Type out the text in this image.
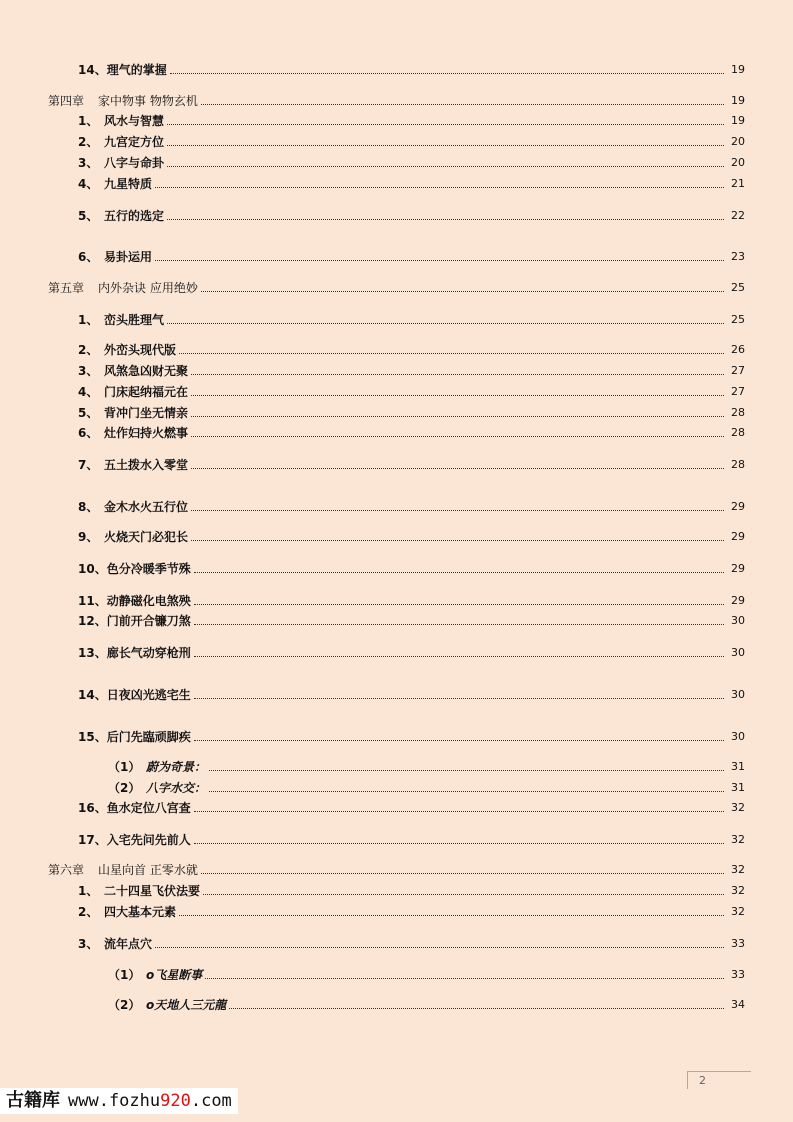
14、 理气的掌握	19
第四章	家中物事 物物玄机	19
1、 风水与智慧	19
2、 九宫定方位	20
3、 八字与命卦	20
4、 九星特质	21
5、 五行的选定	22
6、 易卦运用	23
第五章	内外杂诀 应用绝妙	25
1、 峦头胜理气	25
2、 外峦头现代版	26
3、 风煞急凶财无聚	27
4、 门床起纳福元在	27
5、 背冲门坐无情亲	28
6、 灶作妇持火燃事	28
7、 五土拨水入零堂	28
8、 金木水火五行位	29
9、 火烧天门必犯长	29
10、 色分冷暖季节殊	29
11、 动静磁化电煞殃	29
12、 门前开合镰刀煞	30
13、 廊长气动穿枪刑	30
14、 日夜凶光逃宅生	30
15、 后门先臨顽脚疾	30
（1） 蔚为奇景：	31
（2） 八字水交：	31
16、 鱼水定位八宫查	32
17、 入宅先问先前人	32
第六章	山星向首 正零水就	32
1、 二十四星飞伏法要	32
2、 四大基本元素	32
3、 流年点穴	33
（1） o飞星断事	33
（2） o天地人三元龍	34
2
古籍库 www.fozhu920.com
